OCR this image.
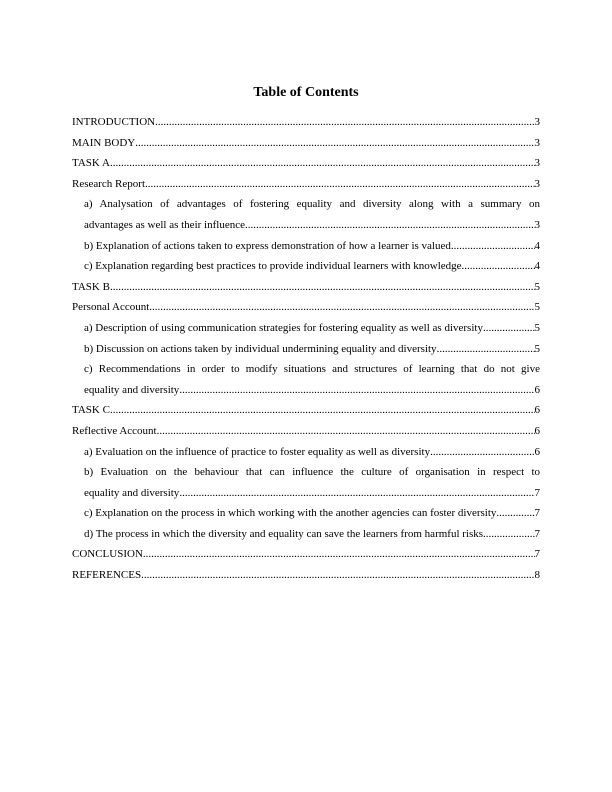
Table of Contents
INTRODUCTION .....	3
MAIN BODY .....	3
TASK A .....	3
Research Report .....	3
a) Analysation of advantages of fostering equality and diversity along with a summary on
advantages as well as their influence .....	3
b) Explanation of actions taken to express demonstration of how a learner is valued .....	4
c) Explanation regarding best practices to provide individual learners with knowledge .....	4
TASK B .....	5
Personal Account .....	5
a) Description of using communication strategies for fostering equality as well as diversity .....	5
b) Discussion on actions taken by individual undermining equality and diversity .....	5
c) Recommendations in order to modify situations and structures of learning that do not give
equality and diversity .....	6
TASK C .....	6
Reflective Account .....	6
a) Evaluation on the influence of practice to foster equality as well as diversity .....	6
b) Evaluation on the behaviour that can influence the culture of organisation in respect to
equality and diversity .....	7
c) Explanation on the process in which working with the another agencies can foster diversity .....	7
d) The process in which the diversity and equality can save the learners from harmful risks .....	7
CONCLUSION .....	7
REFERENCES .....	8
